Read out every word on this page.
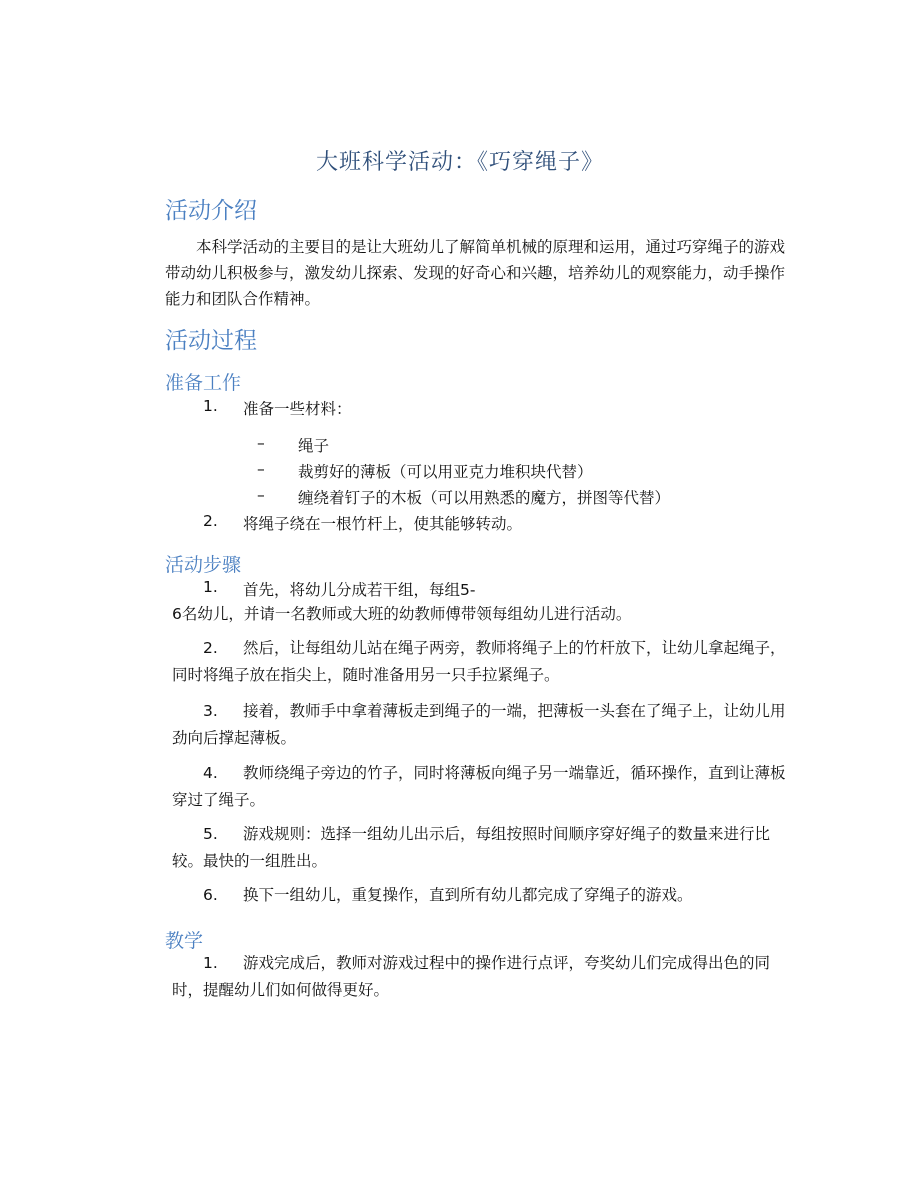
大班科学活动：《巧穿绳子》
活动介绍
本科学活动的主要目的是让大班幼儿了解简单机械的原理和运用，通过巧穿绳子的游戏带动幼儿积极参与，激发幼儿探索、发现的好奇心和兴趣，培养幼儿的观察能力，动手操作能力和团队合作精神。
活动过程
准备工作
1. 准备一些材料：
– 绳子
– 裁剪好的薄板（可以用亚克力堆积块代替）
– 缠绕着钉子的木板（可以用熟悉的魔方，拼图等代替）
2. 将绳子绕在一根竹杆上，使其能够转动。
活动步骤
1. 首先，将幼儿分成若干组，每组5-
6名幼儿，并请一名教师或大班的幼教师傅带领每组幼儿进行活动。
2. 然后，让每组幼儿站在绳子两旁，教师将绳子上的竹杆放下，让幼儿拿起绳子，同时将绳子放在指尖上，随时准备用另一只手拉紧绳子。
3. 接着，教师手中拿着薄板走到绳子的一端，把薄板一头套在了绳子上，让幼儿用劲向后撑起薄板。
4. 教师绕绳子旁边的竹子，同时将薄板向绳子另一端靠近，循环操作，直到让薄板穿过了绳子。
5. 游戏规则：选择一组幼儿出示后，每组按照时间顺序穿好绳子的数量来进行比较。最快的一组胜出。
6. 换下一组幼儿，重复操作，直到所有幼儿都完成了穿绳子的游戏。
教学
1. 游戏完成后，教师对游戏过程中的操作进行点评，夸奖幼儿们完成得出色的同时，提醒幼儿们如何做得更好。
